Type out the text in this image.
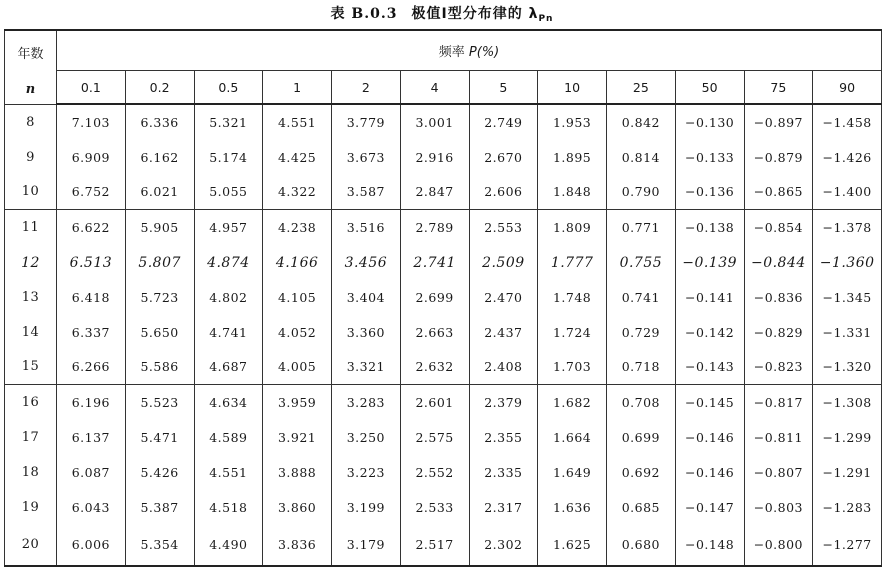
表 B.0.3 极值Ⅰ型分布律的 $\lambda_{Pn}$
年数
n	频率 P(%)											
	0.1	0.2	0.5	1	2	4	5	10	25	50	75	90
8	7.103	6.336	5.321	4.551	3.779	3.001	2.749	1.953	0.842	−0.130	−0.897	−1.458
9	6.909	6.162	5.174	4.425	3.673	2.916	2.670	1.895	0.814	−0.133	−0.879	−1.426
10	6.752	6.021	5.055	4.322	3.587	2.847	2.606	1.848	0.790	−0.136	−0.865	−1.400
11	6.622	5.905	4.957	4.238	3.516	2.789	2.553	1.809	0.771	−0.138	−0.854	−1.378
12	6.513	5.807	4.874	4.166	3.456	2.741	2.509	1.777	0.755	−0.139	−0.844	−1.360
13	6.418	5.723	4.802	4.105	3.404	2.699	2.470	1.748	0.741	−0.141	−0.836	−1.345
14	6.337	5.650	4.741	4.052	3.360	2.663	2.437	1.724	0.729	−0.142	−0.829	−1.331
15	6.266	5.586	4.687	4.005	3.321	2.632	2.408	1.703	0.718	−0.143	−0.823	−1.320
16	6.196	5.523	4.634	3.959	3.283	2.601	2.379	1.682	0.708	−0.145	−0.817	−1.308
17	6.137	5.471	4.589	3.921	3.250	2.575	2.355	1.664	0.699	−0.146	−0.811	−1.299
18	6.087	5.426	4.551	3.888	3.223	2.552	2.335	1.649	0.692	−0.146	−0.807	−1.291
19	6.043	5.387	4.518	3.860	3.199	2.533	2.317	1.636	0.685	−0.147	−0.803	−1.283
20	6.006	5.354	4.490	3.836	3.179	2.517	2.302	1.625	0.680	−0.148	−0.800	−1.277
